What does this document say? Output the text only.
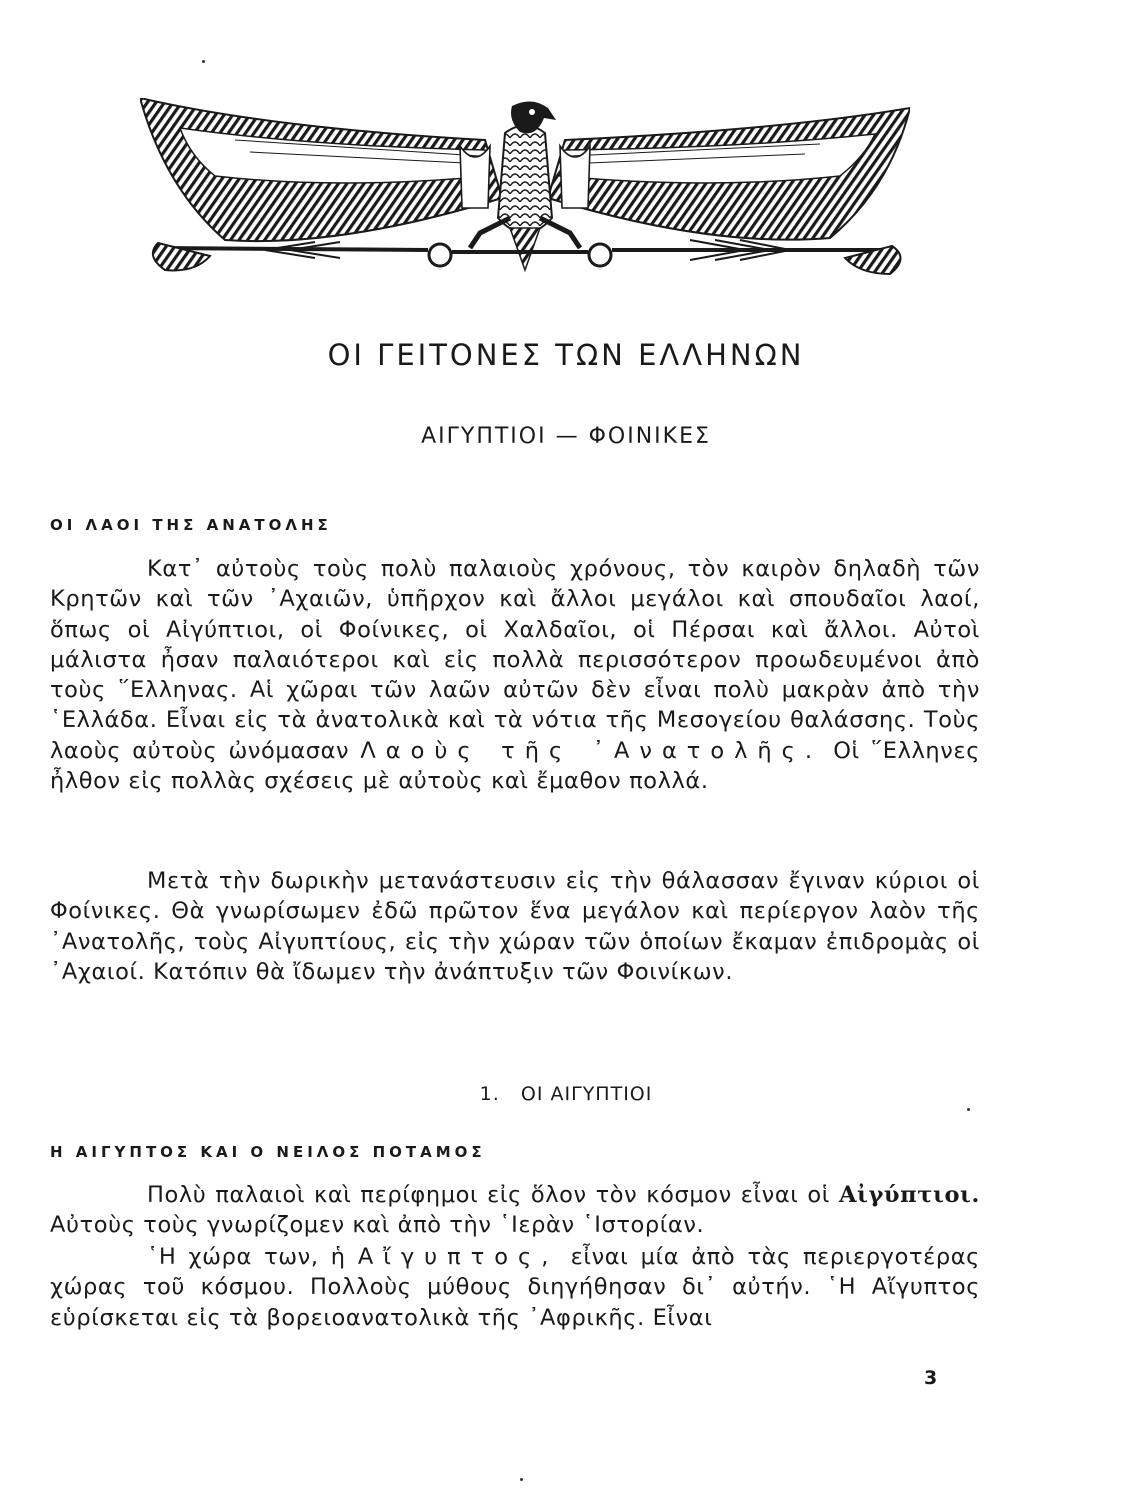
ΟΙ ΓΕΙΤΟΝΕΣ ΤΩΝ ΕΛΛΗΝΩΝ
ΑΙΓΥΠΤΙΟΙ — ΦΟΙΝΙΚΕΣ
ΟΙ ΛΑΟΙ ΤΗΣ ΑΝΑΤΟΛΗΣ

Κατ᾽ αὐτοὺς τοὺς πολὺ παλαιοὺς χρόνους, τὸν καιρὸν δηλαδὴ τῶν Κρητῶν καὶ τῶν ᾽Αχαιῶν, ὑπῆρχον καὶ ἄλλοι μεγάλοι καὶ σπουδαῖοι λαοί, ὅπως οἱ Αἰγύπτιοι, οἱ Φοίνικες, οἱ Χαλδαῖοι, οἱ Πέρσαι καὶ ἄλλοι. Αὐτοὶ μάλιστα ἦσαν παλαιότεροι καὶ εἰς πολλὰ περισσότερον προωδευμένοι ἀπὸ τοὺς ῞Ελληνας. Αἱ χῶραι τῶν λαῶν αὐτῶν δὲν εἶναι πολὺ μακρὰν ἀπὸ τὴν ῾Ελλάδα. Εἶναι εἰς τὰ ἀνατολικὰ καὶ τὰ νότια τῆς Μεσογείου θαλάσσης. Τοὺς λαοὺς αὐτοὺς ὠνόμασαν Λαοὺς τῆς ᾽Ανατολῆς. Οἱ ῞Ελληνες ἦλθον εἰς πολλὰς σχέσεις μὲ αὐτοὺς καὶ ἔμαθον πολλά.

Μετὰ τὴν δωρικὴν μετανάστευσιν εἰς τὴν θάλασσαν ἔγιναν κύριοι οἱ Φοίνικες. Θὰ γνωρίσωμεν ἐδῶ πρῶτον ἕνα μεγάλον καὶ περίεργον λαὸν τῆς ᾽Ανατολῆς, τοὺς Αἰγυπτίους, εἰς τὴν χώραν τῶν ὁποίων ἔκαμαν ἐπιδρομὰς οἱ ᾽Αχαιοί. Κατόπιν θὰ ἴδωμεν τὴν ἀνάπτυξιν τῶν Φοινίκων.

1. ΟΙ ΑΙΓΥΠΤΙΟΙ
Η ΑΙΓΥΠΤΟΣ ΚΑΙ Ο ΝΕΙΛΟΣ ΠΟΤΑΜΟΣ

Πολὺ παλαιοὶ καὶ περίφημοι εἰς ὅλον τὸν κόσμον εἶναι οἱ Αἰγύπτιοι. Αὐτοὺς τοὺς γνωρίζομεν καὶ ἀπὸ τὴν ῾Ιερὰν ῾Ιστορίαν.

῾Η χώρα των, ἡ Αἴγυπτος, εἶναι μία ἀπὸ τὰς περιεργοτέρας χώρας τοῦ κόσμου. Πολλοὺς μύθους διηγήθησαν δι᾽ αὐτήν. ῾Η Αἴγυπτος εὑρίσκεται εἰς τὰ βορειοανατολικὰ τῆς ᾽Αφρικῆς. Εἶναι

3
